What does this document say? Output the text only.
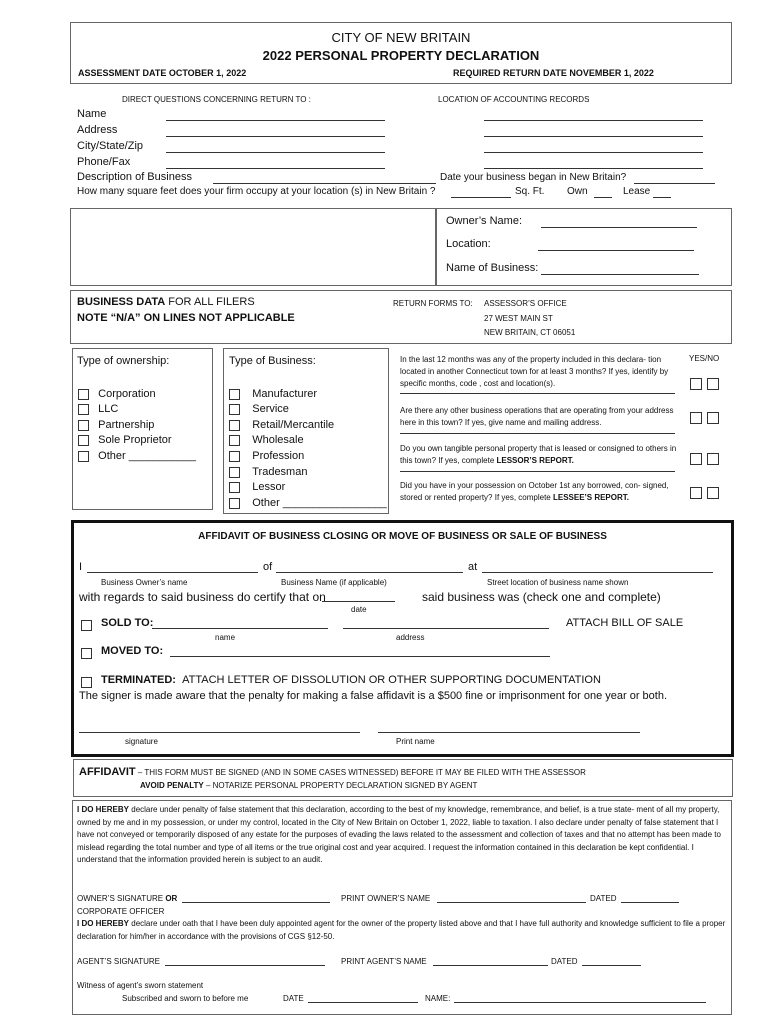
CITY OF NEW BRITAIN
2022 PERSONAL PROPERTY DECLARATION
ASSESSMENT DATE OCTOBER 1, 2022	REQUIRED RETURN DATE NOVEMBER 1, 2022
DIRECT QUESTIONS CONCERNING RETURN TO :	LOCATION OF ACCOUNTING RECORDS
Name
Address
City/State/Zip
Phone/Fax
Description of Business	Date your business began in New Britain?
How many square feet does your firm occupy at your location (s) in New Britain ?	Sq. Ft. Own	Lease
Owner’s Name:
Location:
Name of Business:
BUSINESS DATA FOR ALL FILERS
NOTE “N/A” ON LINES NOT APPLICABLE
RETURN FORMS TO: ASSESSOR’S OFFICE
27 WEST MAIN ST
NEW BRITAIN, CT 06051
Type of ownership:
Corporation
LLC
Partnership
Sole Proprietor
Other ___________
Type of Business:
Manufacturer
Service
Retail/Mercantile
Wholesale
Profession
Tradesman
Lessor
Other _________________
YES/NO
In the last 12 months was any of the property included in this declara- tion located in another Connecticut town for at least 3 months? If yes, identify by specific months, code , cost and location(s).
Are there any other business operations that are operating from your address here in this town? If yes, give name and mailing address.
Do you own tangible personal property that is leased or consigned to others in this town? If yes, complete LESSOR’S REPORT.
Did you have in your possession on October 1st any borrowed, con- signed, stored or rented property? If yes, complete LESSEE’S REPORT.
AFFIDAVIT OF BUSINESS CLOSING OR MOVE OF BUSINESS OR SALE OF BUSINESS
I	of	at
Business Owner’s name	Business Name (if applicable)	Street location of business name shown
with regards to said business do certify that on	said business was (check one and complete)
date
SOLD TO:	ATTACH BILL OF SALE
name	address
MOVED TO:
TERMINATED: ATTACH LETTER OF DISSOLUTION OR OTHER SUPPORTING DOCUMENTATION
The signer is made aware that the penalty for making a false affidavit is a $500 fine or imprisonment for one year or both.
signature	Print name
AFFIDAVIT – THIS FORM MUST BE SIGNED (AND IN SOME CASES WITNESSED) BEFORE IT MAY BE FILED WITH THE ASSESSOR
AVOID PENALTY – NOTARIZE PERSONAL PROPERTY DECLARATION SIGNED BY AGENT
I DO HEREBY declare under penalty of false statement that this declaration, according to the best of my knowledge, remembrance, and belief, is a true state- ment of all my property, owned by me and in my possession, or under my control, located in the City of New Britain on October 1, 2022, liable to taxation. I also declare under penalty of false statement that I have not conveyed or temporarily disposed of any estate for the purposes of evading the laws related to the assessment and collection of taxes and that no attempt has been made to mislead regarding the total number and type of all items or the true original cost and year acquired. I request the information contained in this declaration be kept confidential. I understand that the information provided herein is subject to an audit.
OWNER’S SIGNATURE OR	PRINT OWNER’S NAME	DATED
CORPORATE OFFICER
I DO HEREBY declare under oath that I have been duly appointed agent for the owner of the property listed above and that I have full authority and knowledge sufficient to file a proper declaration for him/her in accordance with the provisions of CGS §12-50.
AGENT’S SIGNATURE	PRINT AGENT’S NAME	DATED
Witness of agent’s sworn statement
Subscribed and sworn to before me	DATE	NAME:
